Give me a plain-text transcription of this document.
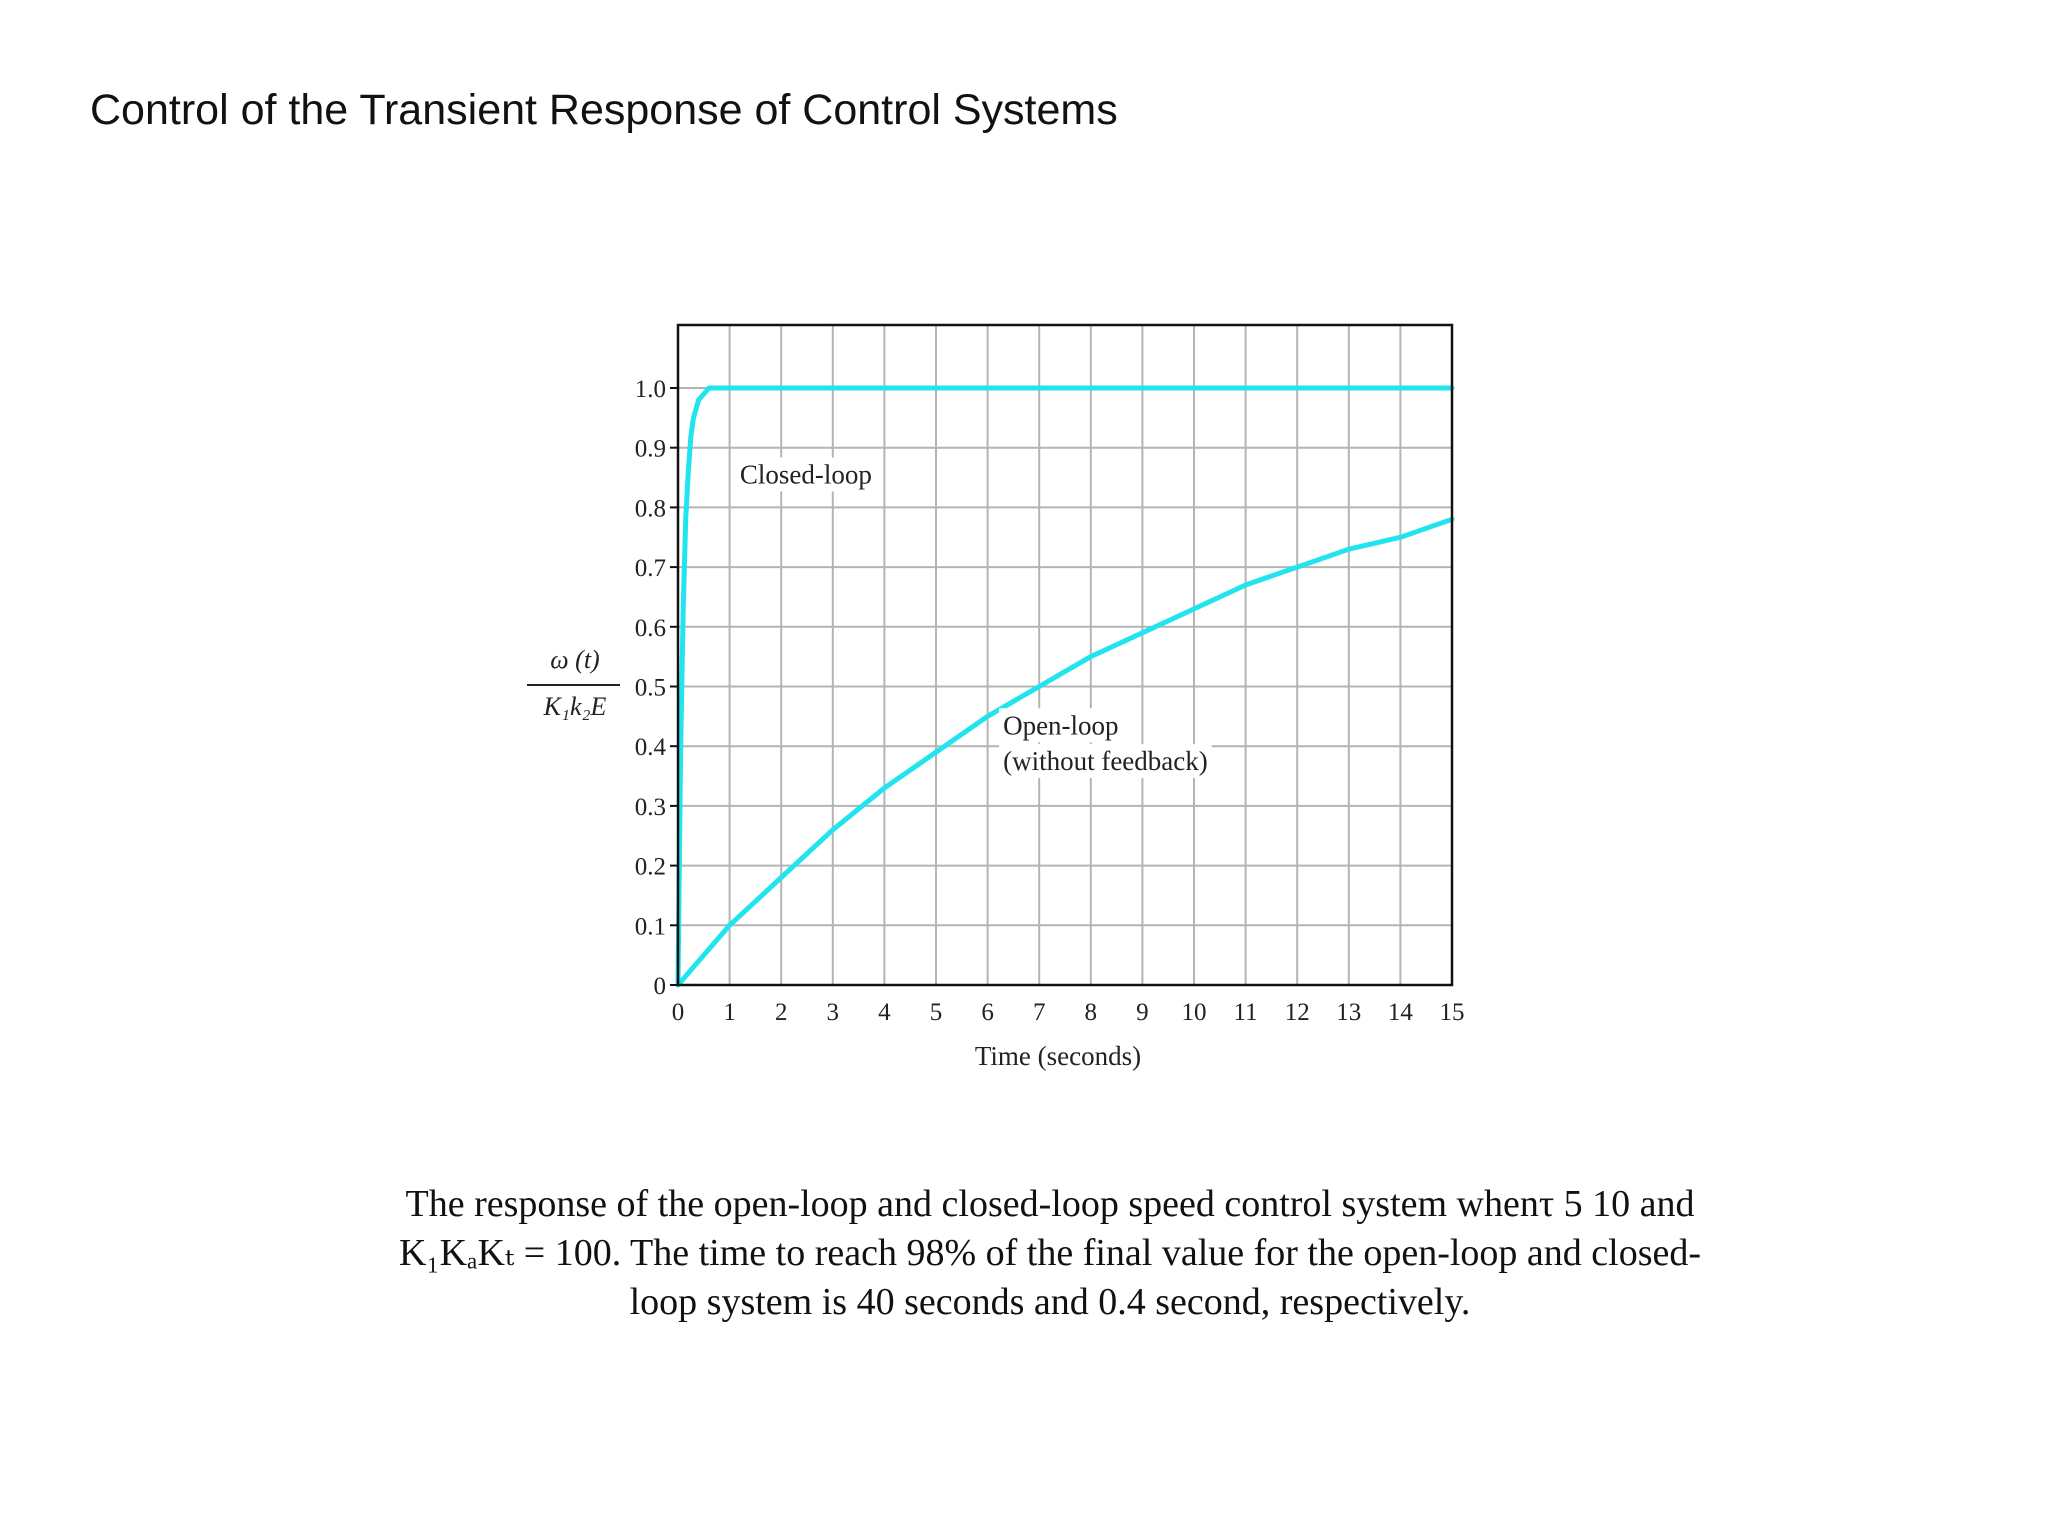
Control of the Transient Response of Control Systems
0
0.1
0.2
0.3
0.4
0.5
0.6
0.7
0.8
0.9
1.0
0 1 2 3 4 5 6 7 8 9 10 11 12 13 14 15
Closed-loop
Open-loop
(without feedback)
Time (seconds)
ω (t)
K₁k₂E
The response of the open-loop and closed-loop speed control system whenτ 5 10 and
K₁KₐKₜ = 100. The time to reach 98% of the final value for the open-loop and closed-
loop system is 40 seconds and 0.4 second, respectively.
